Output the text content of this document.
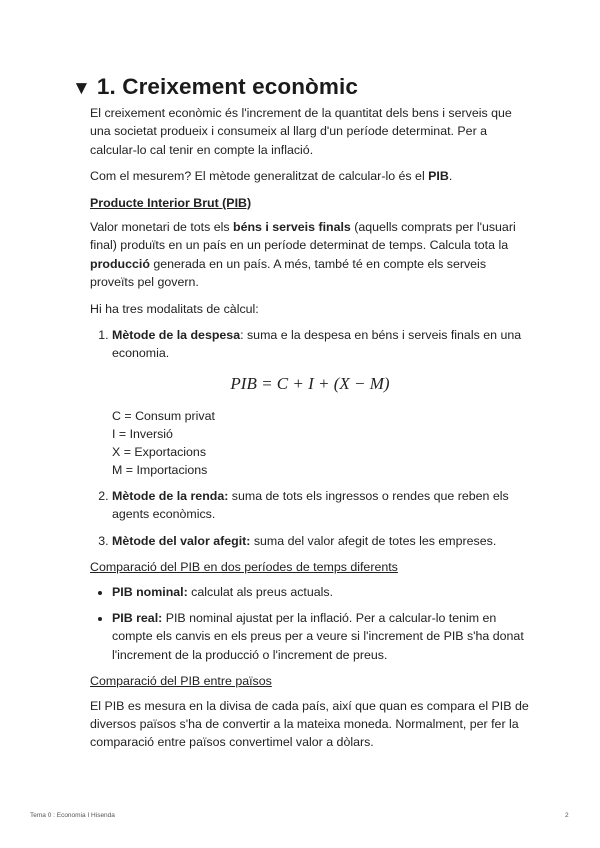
▼ 1. Creixement econòmic

El creixement econòmic és l'increment de la quantitat dels bens i serveis que una societat produeix i consumeix al llarg d'un període determinat. Per a calcular-lo cal tenir en compte la inflació.

Com el mesurem? El mètode generalitzat de calcular-lo és el PIB.

Producte Interior Brut (PIB)

Valor monetari de tots els béns i serveis finals (aquells comprats per l'usuari final) produïts en un país en un període determinat de temps. Calcula tota la producció generada en un país. A més, també té en compte els serveis proveïts pel govern.

Hi ha tres modalitats de càlcul:

1. Mètode de la despesa: suma e la despesa en béns i serveis finals en una economia.
PIB = C + I + (X − M)
C = Consum privat
I = Inversió
X = Exportacions
M = Importacions
2. Mètode de la renda: suma de tots els ingressos o rendes que reben els agents econòmics.
3. Mètode del valor afegit: suma del valor afegit de totes les empreses.

Comparació del PIB en dos períodes de temps diferents

• PIB nominal: calculat als preus actuals.
• PIB real: PIB nominal ajustat per la inflació. Per a calcular-lo tenim en compte els canvis en els preus per a veure si l'increment de PIB s'ha donat l'increment de la producció o l'increment de preus.

Comparació del PIB entre països

El PIB es mesura en la divisa de cada país, així que quan es compara el PIB de diversos països s'ha de convertir a la mateixa moneda. Normalment, per fer la comparació entre països convertimel valor a dòlars.

Tema 0 : Economia I Hisenda	2
